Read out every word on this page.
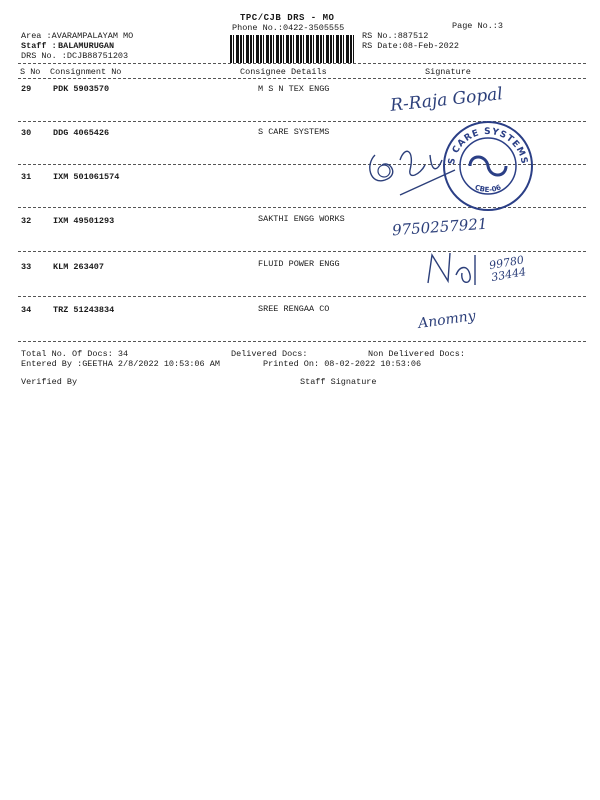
TPC/CJB DRS - MO
Phone No.:0422-3505555	Page No.:3
Area :AVARAMPALAYAM MO
Staff : BALAMURUGAN
DRS No. :DCJB88751203
RS No.:887512
RS Date:08-Feb-2022
S No Consignment No	Consignee Details	Signature
29	PDK 5903570	M S N TEX ENGG
30	DDG 4065426	S CARE SYSTEMS
31	IXM 501061574
32	IXM 49501293	SAKTHI ENGG WORKS
33	KLM 263407	FLUID POWER ENGG
34	TRZ 51243834	SREE RENGAA CO
Total No. Of Docs: 34	Delivered Docs:	Non Delivered Docs:
Entered By :GEETHA 2/8/2022 10:53:06 AM	Printed On: 08-02-2022 10:53:06
Verified By	Staff Signature
R-Raja Gopal
9750257921
99780 33444
Anomny
S CARE SYSTEMS
CBE-06
